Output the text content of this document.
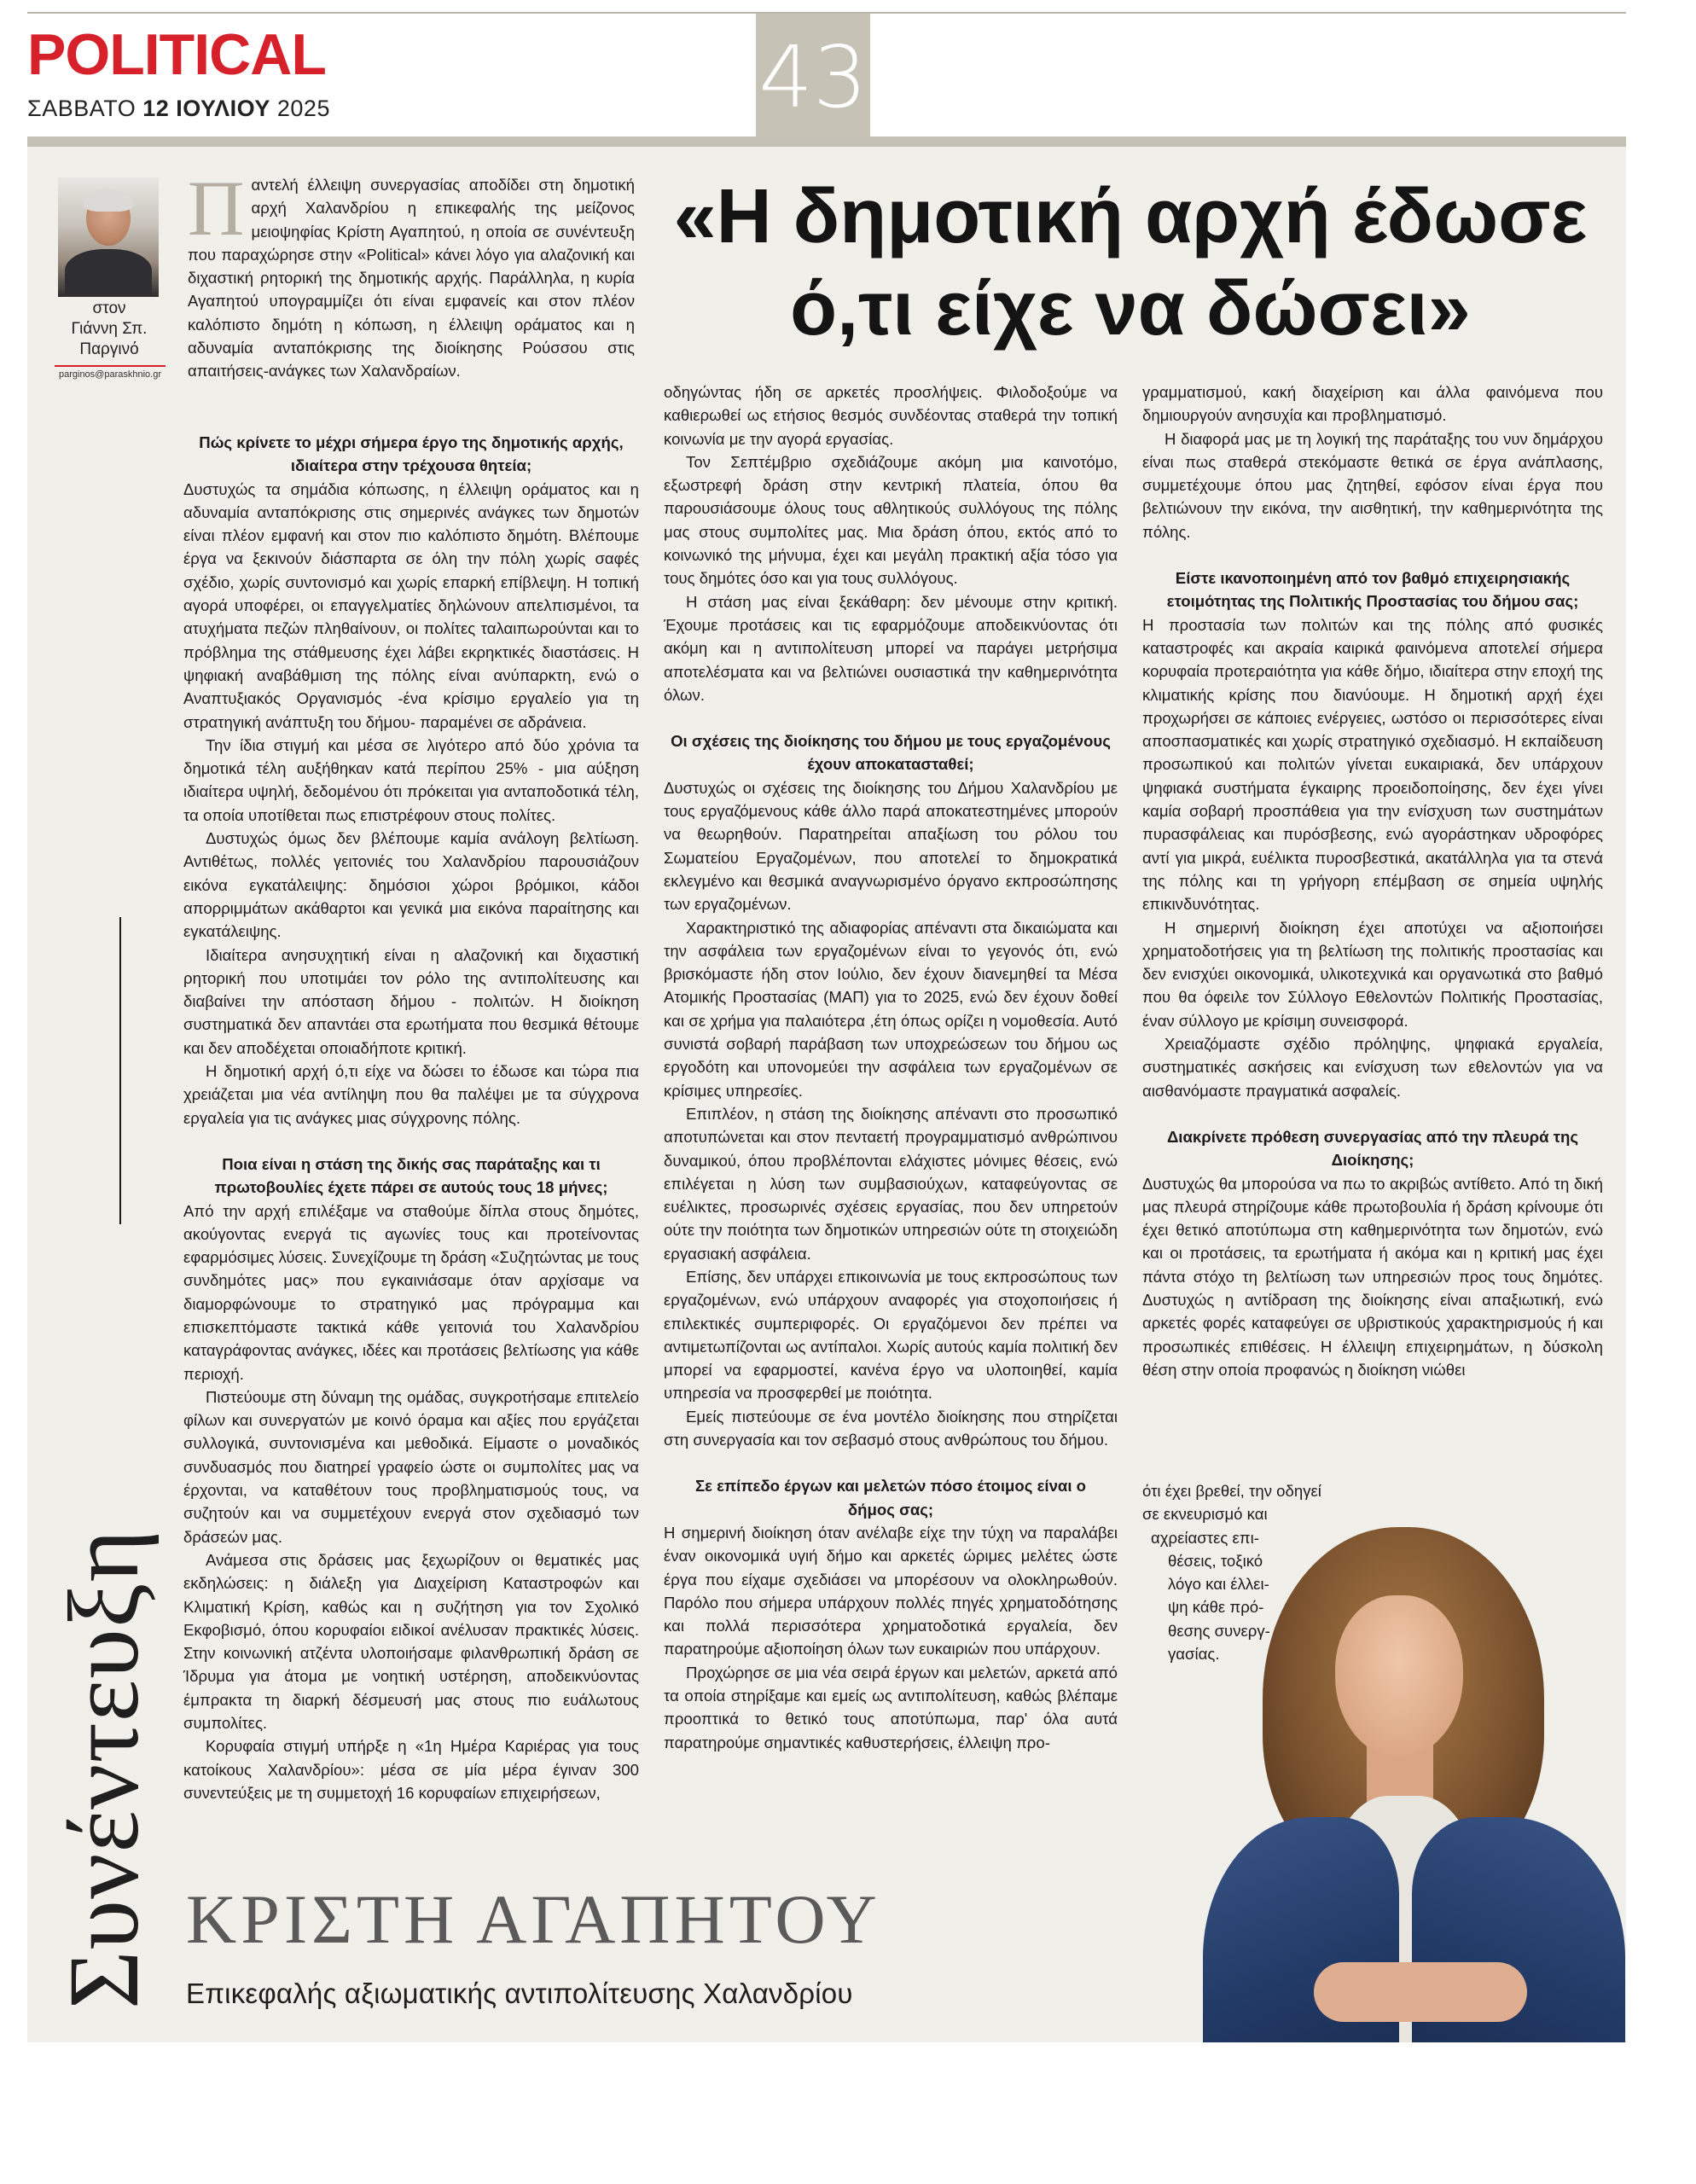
POLITICAL
ΣΑΒΒΑΤΟ 12 ΙΟΥΛΙΟΥ 2025	43
στον
Γιάννη Σπ.
Παργινό
parginos@paraskhnio.gr
Συνέντευξη
«Η δημοτική αρχή έδωσε
ό,τι είχε να δώσει»
Π αντελή έλλειψη συνεργασίας αποδίδει στη δημοτική αρχή Χαλανδρίου η επικεφαλής της μείζονος μειοψηφίας Κρίστη Αγαπητού, η οποία σε συνέντευξη που παραχώρησε στην «Political» κάνει λόγο για αλαζονική και διχαστική ρητορική της δημοτικής αρχής. Παράλληλα, η κυρία Αγαπητού υπογραμμίζει ότι είναι εμφανείς και στον πλέον καλόπιστο δημότη η κόπωση, η έλλειψη οράματος και η αδυναμία ανταπόκρισης της διοίκησης Ρούσσου στις απαιτήσεις-ανάγκες των Χαλανδραίων.

Πώς κρίνετε το μέχρι σήμερα έργο της δημοτικής αρχής, ιδιαίτερα στην τρέχουσα θητεία;

Δυστυχώς τα σημάδια κόπωσης, η έλλειψη οράματος και η αδυναμία ανταπόκρισης στις σημερινές ανάγκες των δημοτών είναι πλέον εμφανή και στον πιο καλόπιστο δημότη. Βλέπουμε έργα να ξεκινούν διάσπαρτα σε όλη την πόλη χωρίς σαφές σχέδιο, χωρίς συντονισμό και χωρίς επαρκή επίβλεψη. Η τοπική αγορά υποφέρει, οι επαγγελματίες δηλώνουν απελπισμένοι, τα ατυχήματα πεζών πληθαίνουν, οι πολίτες ταλαιπωρούνται και το πρόβλημα της στάθμευσης έχει λάβει εκρηκτικές διαστάσεις. Η ψηφιακή αναβάθμιση της πόλης είναι ανύπαρκτη, ενώ ο Αναπτυξιακός Οργανισμός -ένα κρίσιμο εργαλείο για τη στρατηγική ανάπτυξη του δήμου- παραμένει σε αδράνεια.

Την ίδια στιγμή και μέσα σε λιγότερο από δύο χρόνια τα δημοτικά τέλη αυξήθηκαν κατά περίπου 25% - μια αύξηση ιδιαίτερα υψηλή, δεδομένου ότι πρόκειται για ανταποδοτικά τέλη, τα οποία υποτίθεται πως επιστρέφουν στους πολίτες.

Δυστυχώς όμως δεν βλέπουμε καμία ανάλογη βελτίωση. Αντιθέτως, πολλές γειτονιές του Χαλανδρίου παρουσιάζουν εικόνα εγκατάλειψης: δημόσιοι χώροι βρόμικοι, κάδοι απορριμμάτων ακάθαρτοι και γενικά μια εικόνα παραίτησης και εγκατάλειψης.

Ιδιαίτερα ανησυχητική είναι η αλαζονική και διχαστική ρητορική που υποτιμάει τον ρόλο της αντιπολίτευσης και διαβαίνει την απόσταση δήμου - πολιτών. Η διοίκηση συστηματικά δεν απαντάει στα ερωτήματα που θεσμικά θέτουμε και δεν αποδέχεται οποιαδήποτε κριτική.

Η δημοτική αρχή ό,τι είχε να δώσει το έδωσε και τώρα πια χρειάζεται μια νέα αντίληψη που θα παλέψει με τα σύγχρονα εργαλεία για τις ανάγκες μιας σύγχρονης πόλης.

Ποια είναι η στάση της δικής σας παράταξης και τι πρωτοβουλίες έχετε πάρει σε αυτούς τους 18 μήνες;

Από την αρχή επιλέξαμε να σταθούμε δίπλα στους δημότες, ακούγοντας ενεργά τις αγωνίες τους και προτείνοντας εφαρμόσιμες λύσεις. Συνεχίζουμε τη δράση «Συζητώντας με τους συνδημότες μας» που εγκαινιάσαμε όταν αρχίσαμε να διαμορφώνουμε το στρατηγικό μας πρόγραμμα και επισκεπτόμαστε τακτικά κάθε γειτονιά του Χαλανδρίου καταγράφοντας ανάγκες, ιδέες και προτάσεις βελτίωσης για κάθε περιοχή.

Πιστεύουμε στη δύναμη της ομάδας, συγκροτήσαμε επιτελείο φίλων και συνεργατών με κοινό όραμα και αξίες που εργάζεται συλλογικά, συντονισμένα και μεθοδικά. Είμαστε ο μοναδικός συνδυασμός που διατηρεί γραφείο ώστε οι συμπολίτες μας να έρχονται, να καταθέτουν τους προβληματισμούς τους, να συζητούν και να συμμετέχουν ενεργά στον σχεδιασμό των δράσεών μας.

Ανάμεσα στις δράσεις μας ξεχωρίζουν οι θεματικές μας εκδηλώσεις: η διάλεξη για Διαχείριση Καταστροφών και Κλιματική Κρίση, καθώς και η συζήτηση για τον Σχολικό Εκφοβισμό, όπου κορυφαίοι ειδικοί ανέλυσαν πρακτικές λύσεις. Στην κοινωνική ατζέντα υλοποιήσαμε φιλανθρωπική δράση σε Ίδρυμα για άτομα με νοητική υστέρηση, αποδεικνύοντας έμπρακτα τη διαρκή δέσμευσή μας στους πιο ευάλωτους συμπολίτες.

Κορυφαία στιγμή υπήρξε η «1η Ημέρα Καριέρας για τους κατοίκους Χαλανδρίου»: μέσα σε μία μέρα έγιναν 300 συνεντεύξεις με τη συμμετοχή 16 κορυφαίων επιχειρήσεων,

οδηγώντας ήδη σε αρκετές προσλήψεις. Φιλοδοξούμε να καθιερωθεί ως ετήσιος θεσμός συνδέοντας σταθερά την τοπική κοινωνία με την αγορά εργασίας.

Τον Σεπτέμβριο σχεδιάζουμε ακόμη μια καινοτόμο, εξωστρεφή δράση στην κεντρική πλατεία, όπου θα παρουσιάσουμε όλους τους αθλητικούς συλλόγους της πόλης μας στους συμπολίτες μας. Μια δράση όπου, εκτός από το κοινωνικό της μήνυμα, έχει και μεγάλη πρακτική αξία τόσο για τους δημότες όσο και για τους συλλόγους.

Η στάση μας είναι ξεκάθαρη: δεν μένουμε στην κριτική. Έχουμε προτάσεις και τις εφαρμόζουμε αποδεικνύοντας ότι ακόμη και η αντιπολίτευση μπορεί να παράγει μετρήσιμα αποτελέσματα και να βελτιώνει ουσιαστικά την καθημερινότητα όλων.

Οι σχέσεις της διοίκησης του δήμου με τους εργαζομένους έχουν αποκατασταθεί;

Δυστυχώς οι σχέσεις της διοίκησης του Δήμου Χαλανδρίου με τους εργαζόμενους κάθε άλλο παρά αποκατεστημένες μπορούν να θεωρηθούν. Παρατηρείται απαξίωση του ρόλου του Σωματείου Εργαζομένων, που αποτελεί το δημοκρατικά εκλεγμένο και θεσμικά αναγνωρισμένο όργανο εκπροσώπησης των εργαζομένων.

Χαρακτηριστικό της αδιαφορίας απέναντι στα δικαιώματα και την ασφάλεια των εργαζομένων είναι το γεγονός ότι, ενώ βρισκόμαστε ήδη στον Ιούλιο, δεν έχουν διανεμηθεί τα Μέσα Ατομικής Προστασίας (ΜΑΠ) για το 2025, ενώ δεν έχουν δοθεί και σε χρήμα για παλαιότερα ,έτη όπως ορίζει η νομοθεσία. Αυτό συνιστά σοβαρή παράβαση των υποχρεώσεων του δήμου ως εργοδότη και υπονομεύει την ασφάλεια των εργαζομένων σε κρίσιμες υπηρεσίες.

Επιπλέον, η στάση της διοίκησης απέναντι στο προσωπικό αποτυπώνεται και στον πενταετή προγραμματισμό ανθρώπινου δυναμικού, όπου προβλέπονται ελάχιστες μόνιμες θέσεις, ενώ επιλέγεται η λύση των συμβασιούχων, καταφεύγοντας σε ευέλικτες, προσωρινές σχέσεις εργασίας, που δεν υπηρετούν ούτε την ποιότητα των δημοτικών υπηρεσιών ούτε τη στοιχειώδη εργασιακή ασφάλεια.

Επίσης, δεν υπάρχει επικοινωνία με τους εκπροσώπους των εργαζομένων, ενώ υπάρχουν αναφορές για στοχοποιήσεις ή επιλεκτικές συμπεριφορές. Οι εργαζόμενοι δεν πρέπει να αντιμετωπίζονται ως αντίπαλοι. Χωρίς αυτούς καμία πολιτική δεν μπορεί να εφαρμοστεί, κανένα έργο να υλοποιηθεί, καμία υπηρεσία να προσφερθεί με ποιότητα.

Εμείς πιστεύουμε σε ένα μοντέλο διοίκησης που στηρίζεται στη συνεργασία και τον σεβασμό στους ανθρώπους του δήμου.

Σε επίπεδο έργων και μελετών πόσο έτοιμος είναι ο δήμος σας;

Η σημερινή διοίκηση όταν ανέλαβε είχε την τύχη να παραλάβει έναν οικονομικά υγιή δήμο και αρκετές ώριμες μελέτες ώστε έργα που είχαμε σχεδιάσει να μπορέσουν να ολοκληρωθούν. Παρόλο που σήμερα υπάρχουν πολλές πηγές χρηματοδότησης και πολλά περισσότερα χρηματοδοτικά εργαλεία, δεν παρατηρούμε αξιοποίηση όλων των ευκαιριών που υπάρχουν.

Προχώρησε σε μια νέα σειρά έργων και μελετών, αρκετά από τα οποία στηρίξαμε και εμείς ως αντιπολίτευση, καθώς βλέπαμε προοπτικά το θετικό τους αποτύπωμα, παρ' όλα αυτά παρατηρούμε σημαντικές καθυστερήσεις, έλλειψη προ-

γραμματισμού, κακή διαχείριση και άλλα φαινόμενα που δημιουργούν ανησυχία και προβληματισμό.

Η διαφορά μας με τη λογική της παράταξης του νυν δημάρχου είναι πως σταθερά στεκόμαστε θετικά σε έργα ανάπλασης, συμμετέχουμε όπου μας ζητηθεί, εφόσον είναι έργα που βελτιώνουν την εικόνα, την αισθητική, την καθημερινότητα της πόλης.

Είστε ικανοποιημένη από τον βαθμό επιχειρησιακής ετοιμότητας της Πολιτικής Προστασίας του δήμου σας;

Η προστασία των πολιτών και της πόλης από φυσικές καταστροφές και ακραία καιρικά φαινόμενα αποτελεί σήμερα κορυφαία προτεραιότητα για κάθε δήμο, ιδιαίτερα στην εποχή της κλιματικής κρίσης που διανύουμε. Η δημοτική αρχή έχει προχωρήσει σε κάποιες ενέργειες, ωστόσο οι περισσότερες είναι αποσπασματικές και χωρίς στρατηγικό σχεδιασμό. Η εκπαίδευση προσωπικού και πολιτών γίνεται ευκαιριακά, δεν υπάρχουν ψηφιακά συστήματα έγκαιρης προειδοποίησης, δεν έχει γίνει καμία σοβαρή προσπάθεια για την ενίσχυση των συστημάτων πυρασφάλειας και πυρόσβεσης, ενώ αγοράστηκαν υδροφόρες αντί για μικρά, ευέλικτα πυροσβεστικά, ακατάλληλα για τα στενά της πόλης και τη γρήγορη επέμβαση σε σημεία υψηλής επικινδυνότητας.

Η σημερινή διοίκηση έχει αποτύχει να αξιοποιήσει χρηματοδοτήσεις για τη βελτίωση της πολιτικής προστασίας και δεν ενισχύει οικονομικά, υλικοτεχνικά και οργανωτικά στο βαθμό που θα όφειλε τον Σύλλογο Εθελοντών Πολιτικής Προστασίας, έναν σύλλογο με κρίσιμη συνεισφορά.

Χρειαζόμαστε σχέδιο πρόληψης, ψηφιακά εργαλεία, συστηματικές ασκήσεις και ενίσχυση των εθελοντών για να αισθανόμαστε πραγματικά ασφαλείς.

Διακρίνετε πρόθεση συνεργασίας από την πλευρά της Διοίκησης;

Δυστυχώς θα μπορούσα να πω το ακριβώς αντίθετο. Από τη δική μας πλευρά στηρίζουμε κάθε πρωτοβουλία ή δράση κρίνουμε ότι έχει θετικό αποτύπωμα στη καθημερινότητα των δημοτών, ενώ και οι προτάσεις, τα ερωτήματα ή ακόμα και η κριτική μας έχει πάντα στόχο τη βελτίωση των υπηρεσιών προς τους δημότες. Δυστυχώς η αντίδραση της διοίκησης είναι απαξιωτική, ενώ αρκετές φορές καταφεύγει σε υβριστικούς χαρακτηρισμούς ή και προσωπικές επιθέσεις. Η έλλειψη επιχειρημάτων, η δύσκολη θέση στην οποία προφανώς η διοίκηση νιώθει

ότι έχει βρεθεί, την οδηγεί
σε εκνευρισμό και
αχρείαστες επι-
θέσεις, τοξικό
λόγο και έλλει-
ψη κάθε πρό-
θεσης συνεργ-
γασίας.
ΚΡΙΣΤΗ ΑΓΑΠΗΤΟΥ
Επικεφαλής αξιωματικής αντιπολίτευσης Χαλανδρίου
